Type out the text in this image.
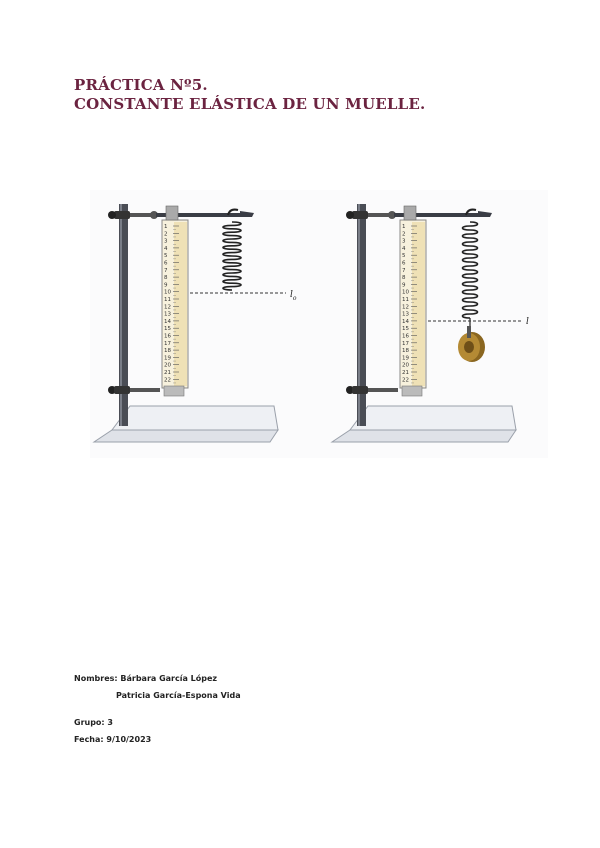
PRÁCTICA Nº5.
CONSTANTE ELÁSTICA DE UN MUELLE.
1
2
3
4
5
6
7
8
9
10
11
12
13
14
15
16
17
18
19
20
21
22
$l_o$
1
2
3
4
5
6
7
8
9
10
11
12
13
14
15
16
17
18
19
20
21
22
l
Nombres: Bárbara García López
Patricia García-Espona Vida
Grupo: 3
Fecha: 9/10/2023
